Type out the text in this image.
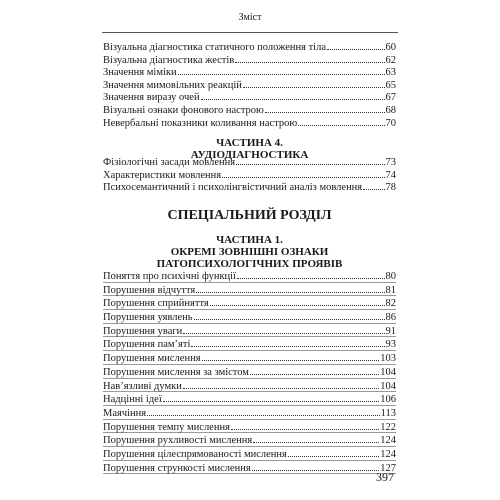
Зміст
Візуальна діагностика статичного положення тіла	60
Візуальна діагностика жестів	62
Значення міміки	63
Значення мимовільних реакцій	65
Значення виразу очей	67
Візуальні ознаки фонового настрою	68
Невербальні показники коливання настрою	70
ЧАСТИНА 4.
АУДІОДІАГНОСТИКА
Фізіологічні засади мовлення	73
Характеристики мовлення	74
Психосемантичний і психолінгвістичний аналіз мовлення 78
СПЕЦІАЛЬНИЙ РОЗДІЛ
ЧАСТИНА 1.
ОКРЕМІ ЗОВНІШНІ ОЗНАКИ
ПАТОПСИХОЛОГІЧНИХ ПРОЯВІВ
Поняття про психічні функції	80
Порушення відчуття	81
Порушення сприйняття	82
Порушення уявлень	86
Порушення уваги	91
Порушення пам’яті	93
Порушення мислення	103
Порушення мислення за змістом	104
Нав’язливі думки	104
Надцінні ідеї	106
Маячіння	113
Порушення темпу мислення	122
Порушення рухливості мислення	124
Порушення цілеспрямованості мислення	124
Порушення стрункості мислення	127
397
